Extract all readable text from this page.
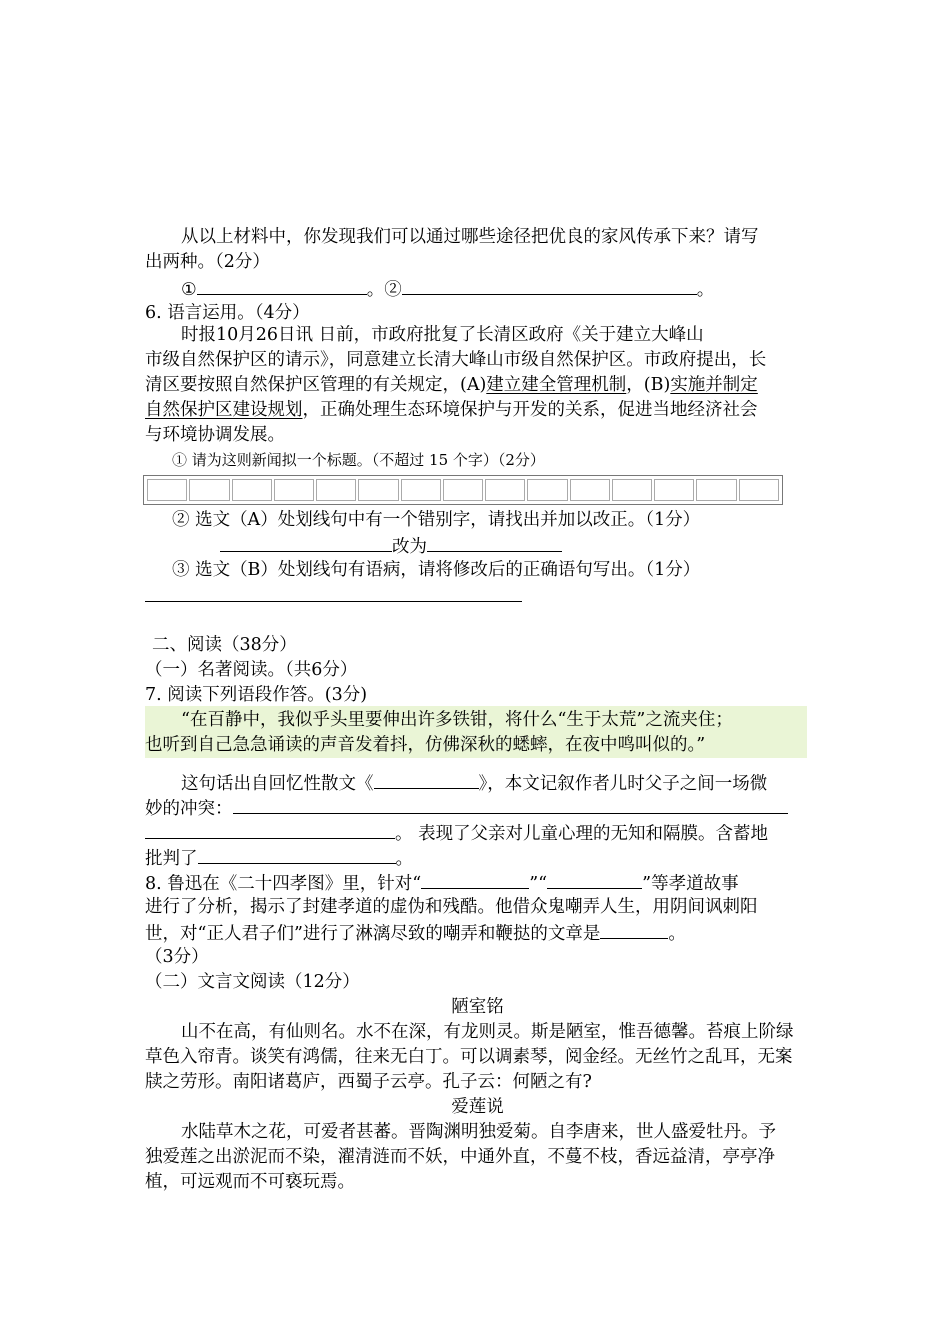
从以上材料中，你发现我们可以通过哪些途径把优良的家风传承下来？请写
出两种。（2分）
①	。②	。
6. 语言运用。（4分）
时报10月26日讯 日前，市政府批复了长清区政府《关于建立大峰山
市级自然保护区的请示》，同意建立长清大峰山市级自然保护区。市政府提出，长
清区要按照自然保护区管理的有关规定，(A)建立建全管理机制，(B)实施并制定
自然保护区建设规划，正确处理生态环境保护与开发的关系，促进当地经济社会
与环境协调发展。
① 请为这则新闻拟一个标题。（不超过 15 个字）（2分）
② 选文（A）处划线句中有一个错别字，请找出并加以改正。（1分）
改为
③ 选文（B）处划线句有语病，请将修改后的正确语句写出。（1分）
二、阅读（38分）
（一）名著阅读。（共6分）
7. 阅读下列语段作答。(3分)
“在百静中，我似乎头里要伸出许多铁钳，将什么“生于太荒”之流夹住；
也听到自己急急诵读的声音发着抖，仿佛深秋的蟋蟀，在夜中鸣叫似的。”
这句话出自回忆性散文《	》，本文记叙作者儿时父子之间一场微
妙的冲突：
。 表现了父亲对儿童心理的无知和隔膜。含蓄地
批判了	。
8. 鲁迅在《二十四孝图》里，针对“	”“	”等孝道故事
进行了分析，揭示了封建孝道的虚伪和残酷。他借众鬼嘲弄人生，用阴间讽刺阳
世，对“正人君子们”进行了淋漓尽致的嘲弄和鞭挞的文章是	。
（3分）
（二）文言文阅读（12分）
陋室铭
山不在高，有仙则名。水不在深，有龙则灵。斯是陋室，惟吾德馨。苔痕上阶绿
草色入帘青。谈笑有鸿儒，往来无白丁。可以调素琴，阅金经。无丝竹之乱耳，无案
牍之劳形。南阳诸葛庐，西蜀子云亭。孔子云：何陋之有?
爱莲说
水陆草木之花，可爱者甚蕃。晋陶渊明独爱菊。自李唐来，世人盛爱牡丹。予
独爱莲之出淤泥而不染，濯清涟而不妖，中通外直，不蔓不枝，香远益清，亭亭净
植，可远观而不可亵玩焉。
